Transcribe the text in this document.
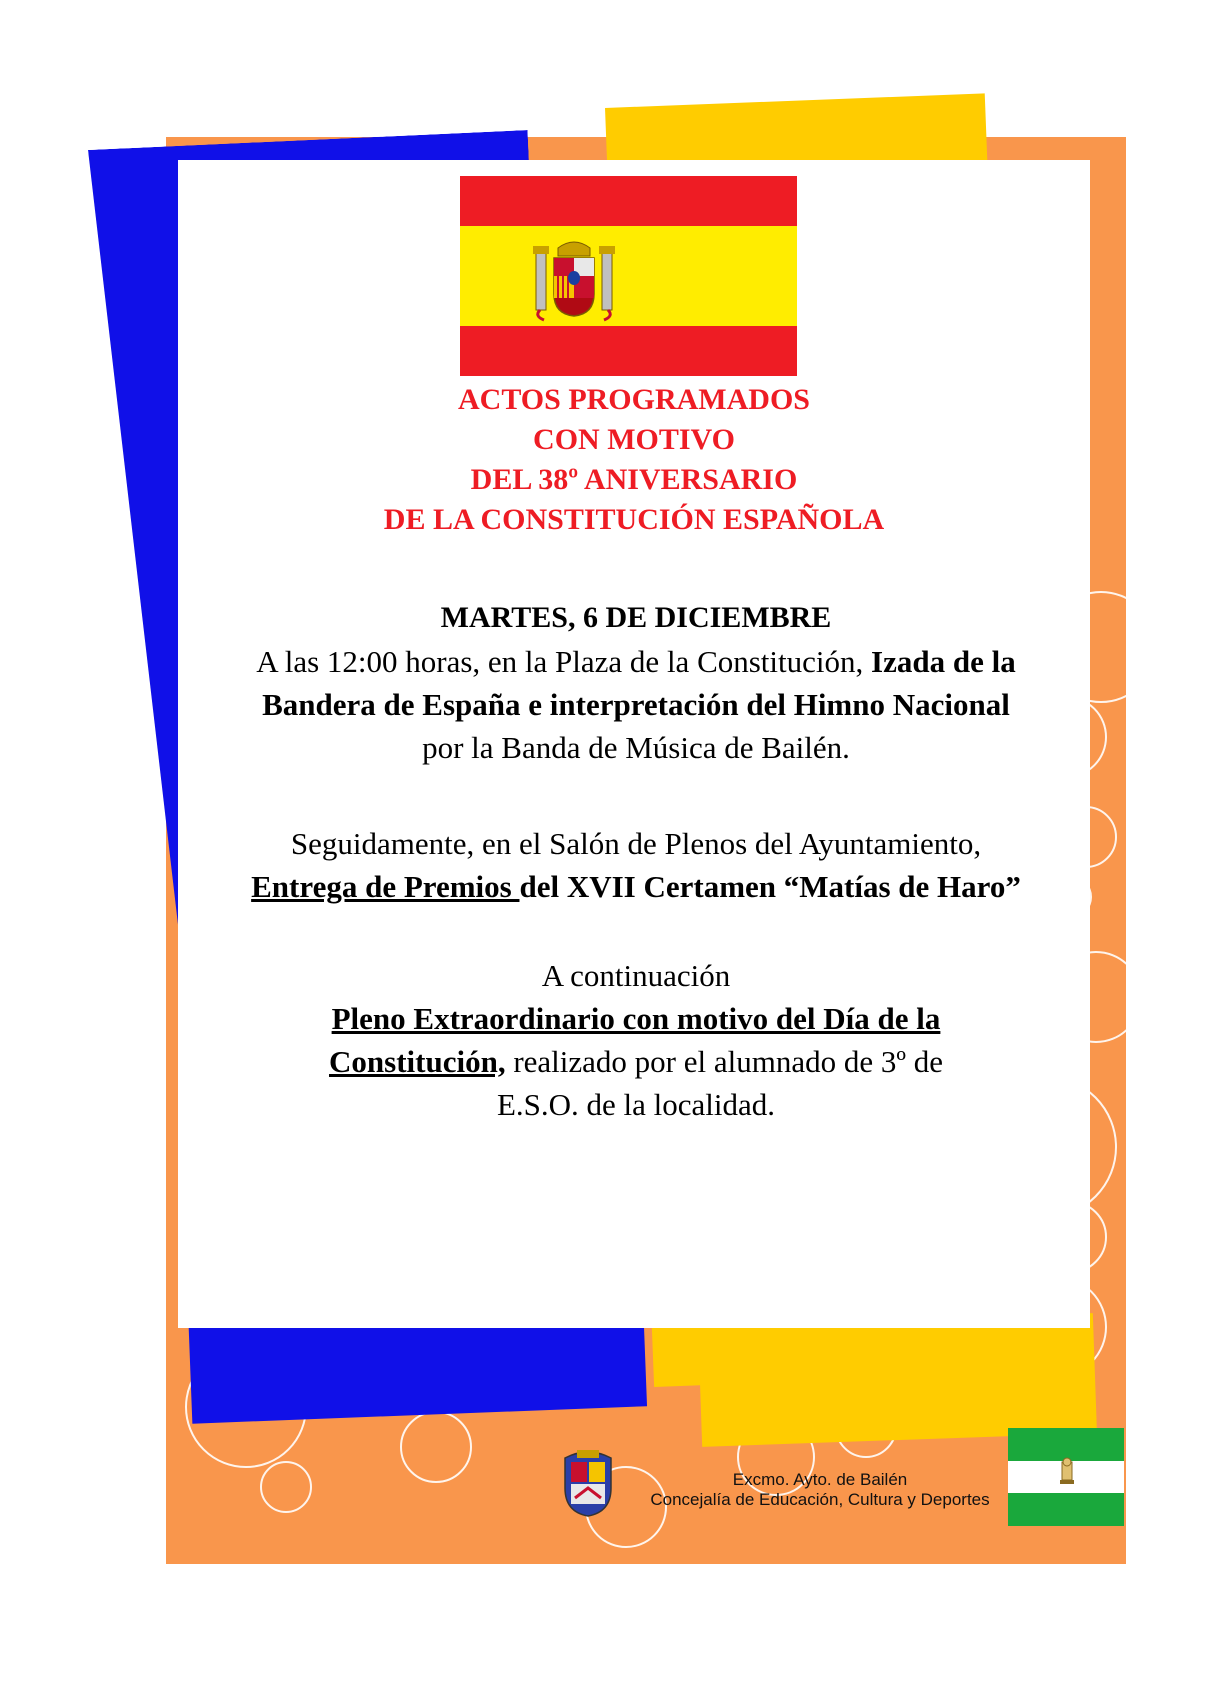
ACTOS PROGRAMADOS
CON MOTIVO
DEL 38º ANIVERSARIO
DE LA CONSTITUCIÓN ESPAÑOLA
MARTES, 6 DE DICIEMBRE
A las 12:00 horas, en la Plaza de la Constitución, Izada de la Bandera de España e interpretación del Himno Nacional por la Banda de Música de Bailén.
Seguidamente, en el Salón de Plenos del Ayuntamiento,
Entrega de Premios del XVII Certamen “Matías de Haro”
A continuación
Pleno Extraordinario con motivo del Día de la Constitución, realizado por el alumnado de 3º de E.S.O. de la localidad.
Excmo. Ayto. de Bailén
Concejalía de Educación, Cultura y Deportes
